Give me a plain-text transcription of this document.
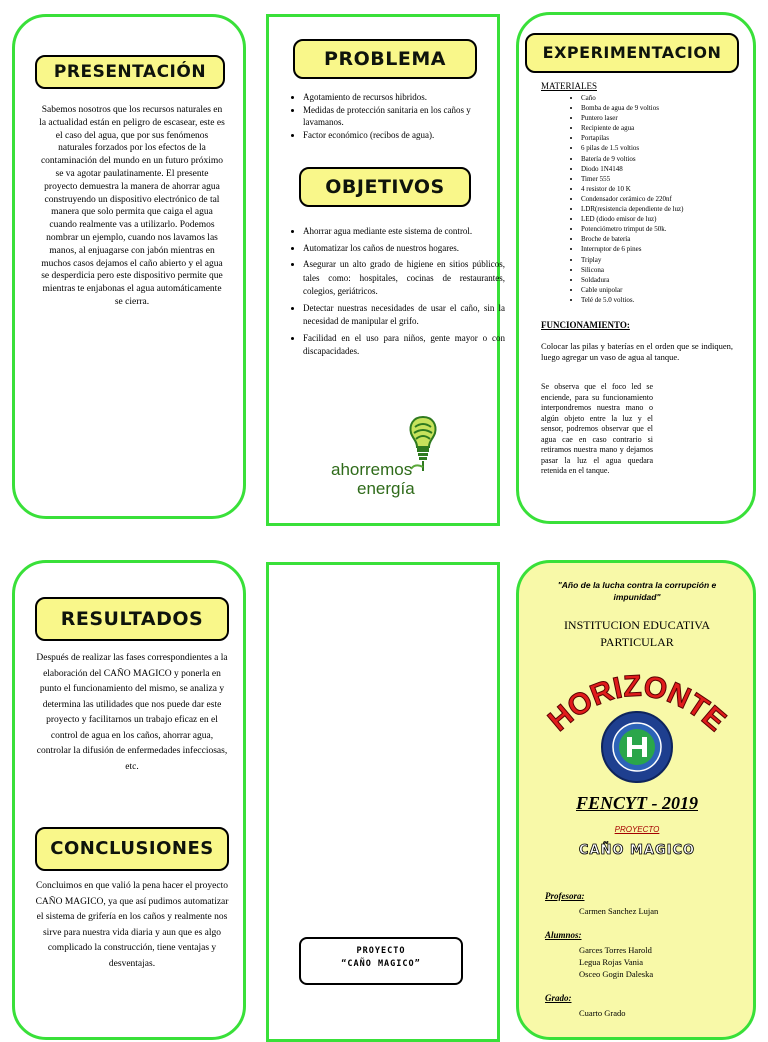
PRESENTACIÓN
Sabemos nosotros que los recursos naturales en la actualidad están en peligro de escasear, este es el caso del agua, que por sus fenómenos naturales forzados por los efectos de la contaminación del mundo en un futuro próximo se va agotar paulatinamente. El presente proyecto demuestra la manera de ahorrar agua construyendo un dispositivo electrónico de tal manera que solo permita que caiga el agua cuando realmente vas a utilizarlo. Podemos nombrar un ejemplo, cuando nos lavamos las manos, al enjuagarse con jabón mientras en muchos casos dejamos el caño abierto y el agua se desperdicia pero este dispositivo permite que mientras te enjabonas el agua automáticamente se cierra.
PROBLEMA
• Agotamiento de recursos hibridos.
• Medidas de protección sanitaria en los caños y lavamanos.
• Factor económico (recibos de agua).
OBJETIVOS
• Ahorrar agua mediante este sistema de control.
• Automatizar los caños de nuestros hogares.
• Asegurar un alto grado de higiene en sitios públicos, tales como: hospitales, cocinas de restaurantes, colegios, geriátricos.
• Detectar nuestras necesidades de usar el caño, sin la necesidad de manipular el grifo.
• Facilidad en el uso para niños, gente mayor o con discapacidades.
ahorremos
energía
EXPERIMENTACION
MATERIALES
• Caño
• Bomba de agua de 9 voltios
• Puntero laser
• Recipiente de agua
• Portapilas
• 6 pilas de 1.5 voltios
• Batería de 9 voltios
• Diodo 1N4148
• Timer 555
• 4 resistor de 10 K
• Condensador cerámico de 220nf
• LDR(resistencia dependiente de luz)
• LED (diodo emisor de luz)
• Potenciómetro trimput de 50k.
• Broche de batería
• Interruptor de 6 pines
• Triplay
• Silicona
• Soldadura
• Cable unipolar
• Telé de 5.0 voltios.
FUNCIONAMIENTO:
Colocar las pilas y baterías en el orden que se indiquen, luego agregar un vaso de agua al tanque.
Se observa que el foco led se enciende, para su funcionamiento interpondremos nuestra mano o algún objeto entre la luz y el sensor, podremos observar que el agua cae en caso contrario si retiramos nuestra mano y dejamos pasar la luz el agua quedara retenida en el tanque.
RESULTADOS
Después de realizar las fases correspondientes a la elaboración del CAÑO MAGICO y ponerla en punto el funcionamiento del mismo, se analiza y determina las utilidades que nos puede dar este proyecto y facilitarnos un trabajo eficaz en el control de agua en los caños, ahorrar agua, controlar la difusión de enfermedades infecciosas, etc.
CONCLUSIONES
Concluimos en que valió la pena hacer el proyecto CAÑO MAGICO, ya que así pudimos automatizar el sistema de grifería en los caños y realmente nos sirve para nuestra vida diaria y aun que es algo complicado la construcción, tiene ventajas y desventajas.
PROYECTO
“CAÑO MAGICO”
"Año de la lucha contra la corrupción e impunidad"
INSTITUCION EDUCATIVA PARTICULAR
HORIZONTE
FENCYT - 2019
PROYECTO
CAÑO MAGICO
Profesora:
Carmen Sanchez Lujan
Alumnos:
Garces Torres Harold
Legua Rojas Vania
Osceo Gogin Daleska
Grado:
Cuarto Grado
